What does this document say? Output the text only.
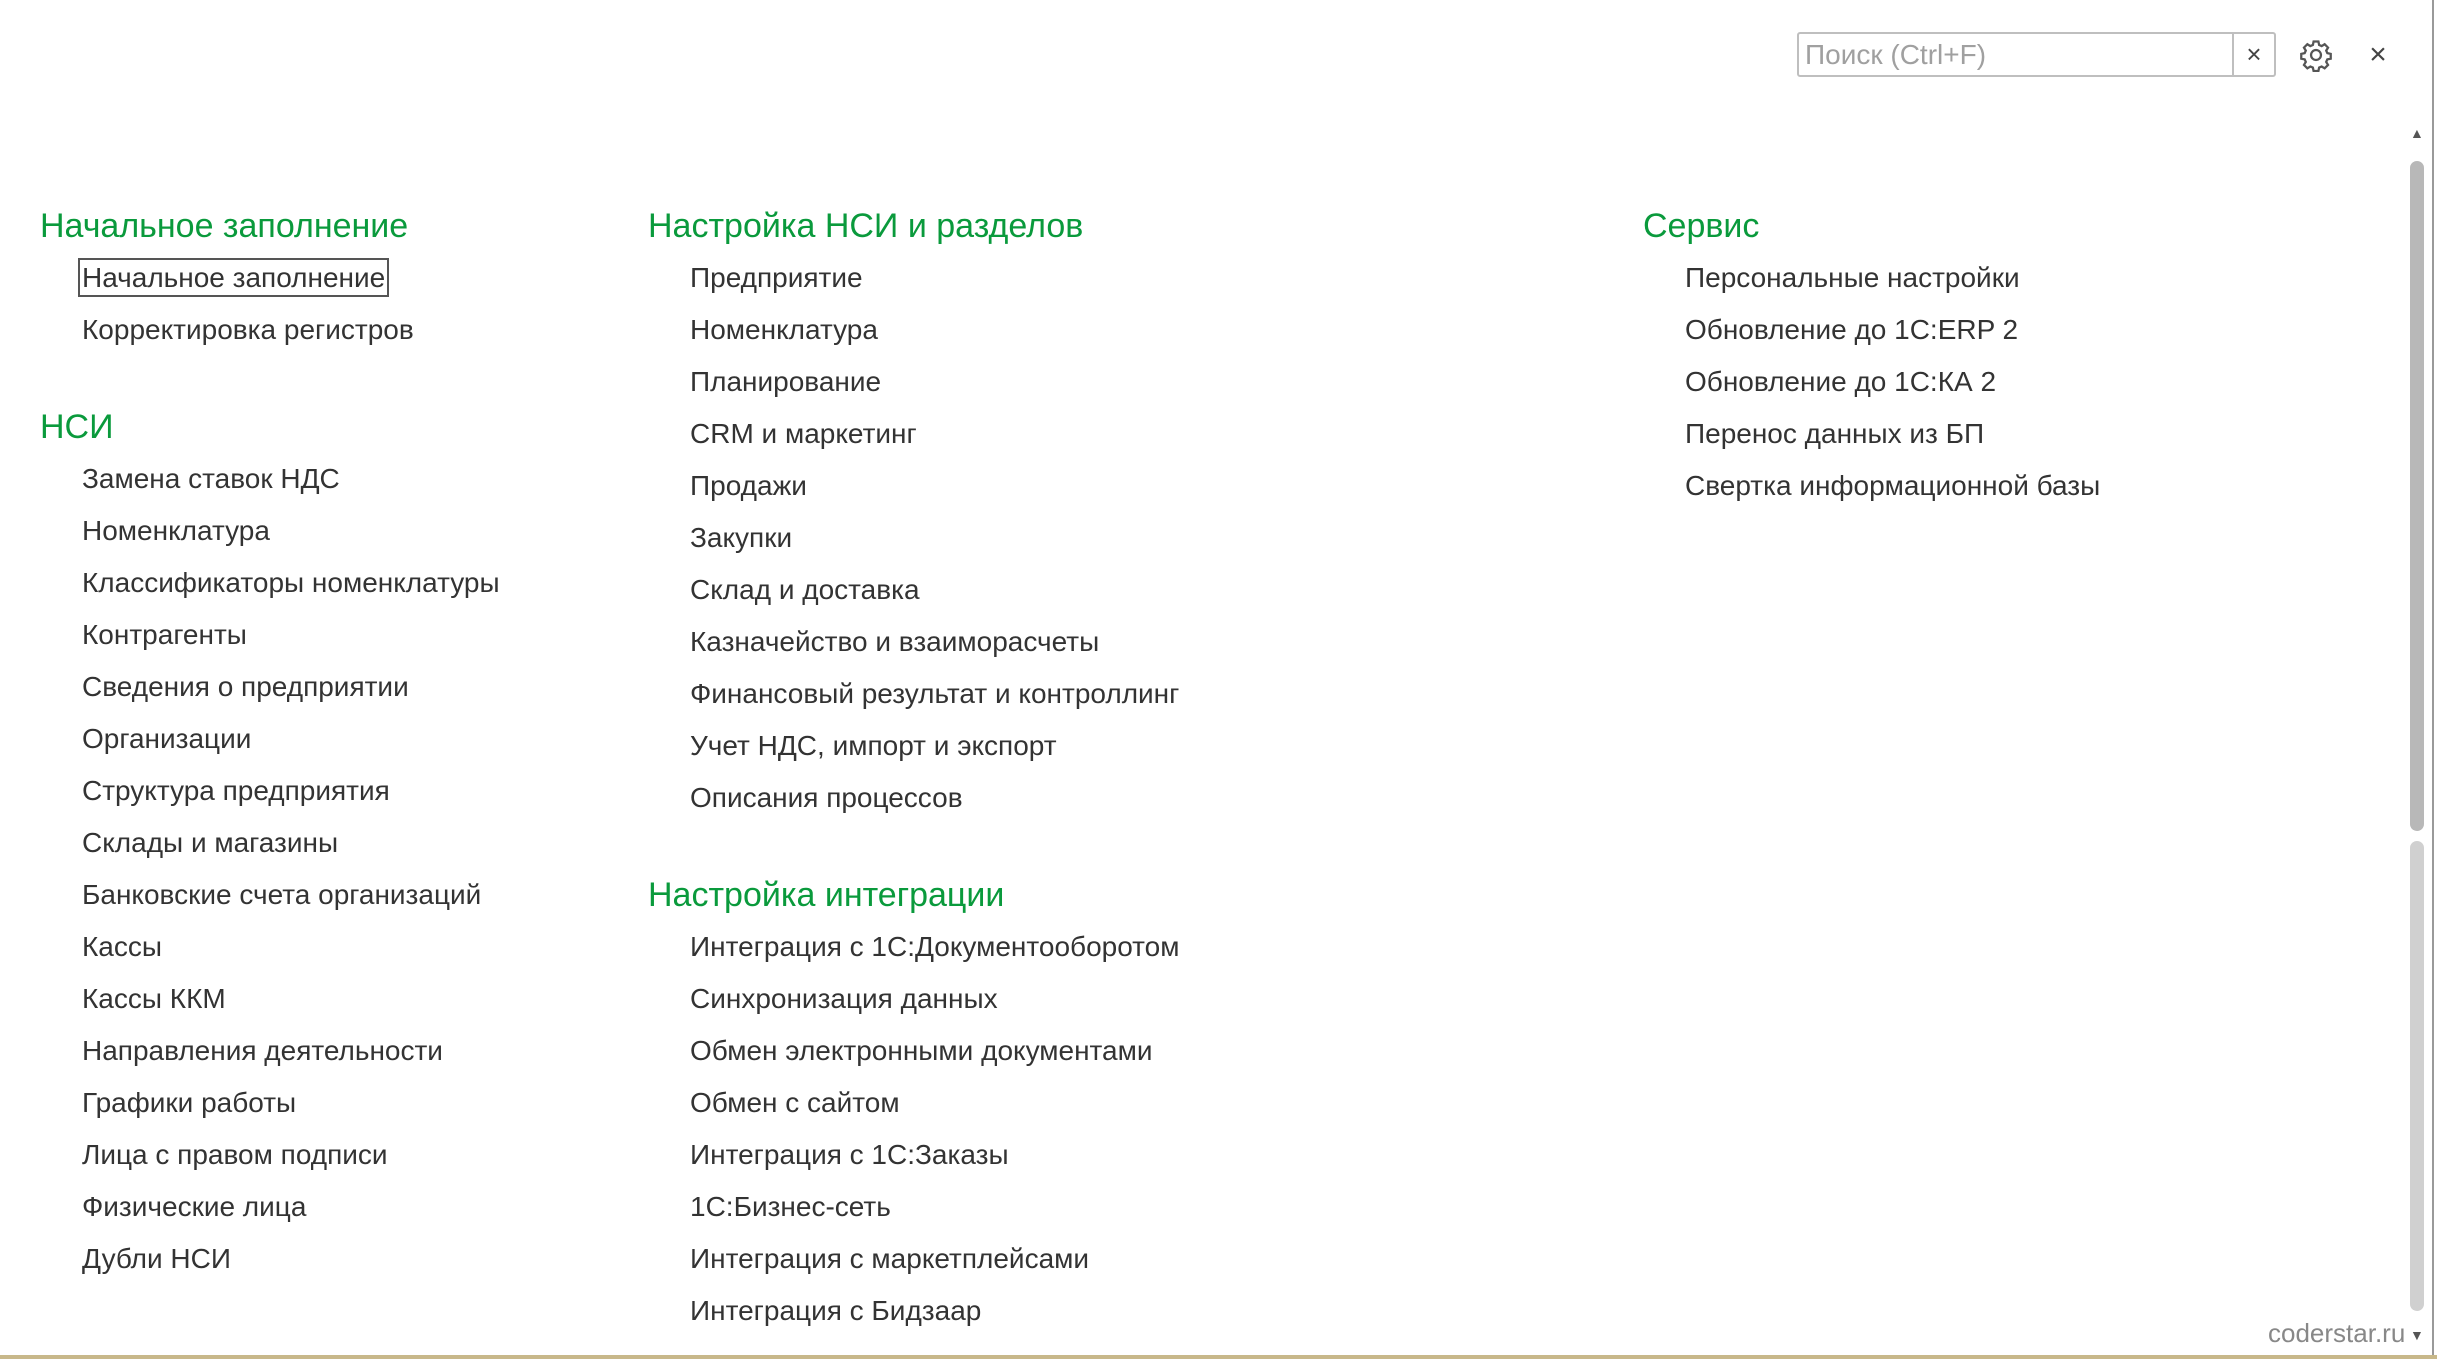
Поиск (Ctrl+F)
×	×
Начальное заполнение
Начальное заполнение
Корректировка регистров
НСИ
Замена ставок НДС
Номенклатура
Классификаторы номенклатуры
Контрагенты
Сведения о предприятии
Организации
Структура предприятия
Склады и магазины
Банковские счета организаций
Кассы
Кассы ККМ
Направления деятельности
Графики работы
Лица с правом подписи
Физические лица
Дубли НСИ
Настройка НСИ и разделов
Предприятие
Номенклатура
Планирование
CRM и маркетинг
Продажи
Закупки
Склад и доставка
Казначейство и взаиморасчеты
Финансовый результат и контроллинг
Учет НДС, импорт и экспорт
Описания процессов
Настройка интеграции
Интеграция с 1С:Документооборотом
Синхронизация данных
Обмен электронными документами
Обмен с сайтом
Интеграция с 1С:Заказы
1С:Бизнес-сеть
Интеграция с маркетплейсами
Интеграция с Бидзаар
Сервис
Персональные настройки
Обновление до 1С:ERP 2
Обновление до 1С:КА 2
Перенос данных из БП
Свертка информационной базы
▲
▼
coderstar.ru
